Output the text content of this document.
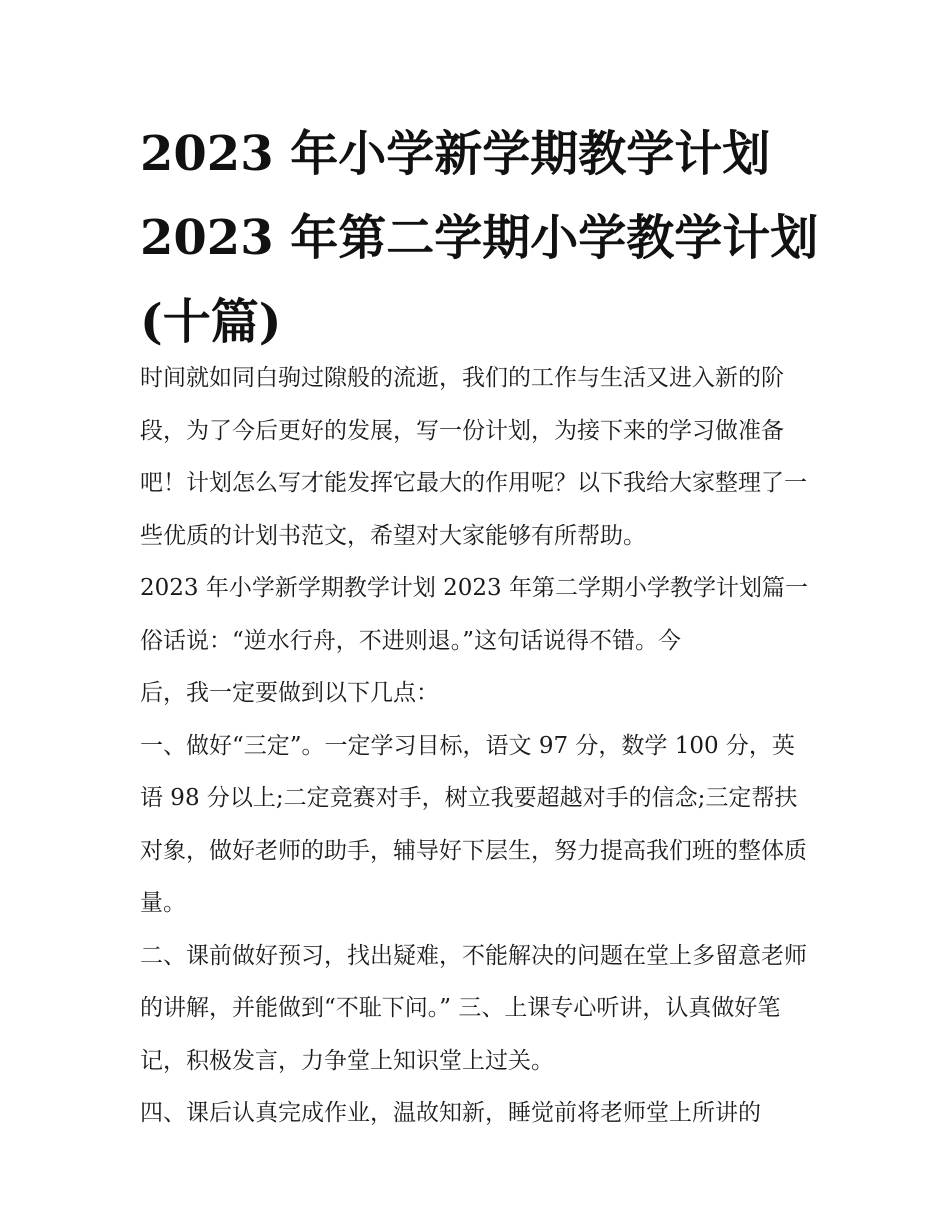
2023 年小学新学期教学计划
2023 年第二学期小学教学计划
(十篇)

时间就如同白驹过隙般的流逝，我们的工作与生活又进入新的阶段，为了今后更好的发展，写一份计划，为接下来的学习做准备吧！计划怎么写才能发挥它最大的作用呢？以下我给大家整理了一些优质的计划书范文，希望对大家能够有所帮助。

2023 年小学新学期教学计划 2023 年第二学期小学教学计划篇一 俗话说：“逆水行舟，不进则退。”这句话说得不错。今

后，我一定要做到以下几点：

一、做好“三定”。一定学习目标，语文 97 分，数学 100 分，英语 98 分以上;二定竞赛对手，树立我要超越对手的信念;三定帮扶对象，做好老师的助手，辅导好下层生，努力提高我们班的整体质量。

二、课前做好预习，找出疑难，不能解决的问题在堂上多留意老师的讲解，并能做到“不耻下问。” 三、上课专心听讲，认真做好笔记，积极发言，力争堂上知识堂上过关。

四、课后认真完成作业，温故知新，睡觉前将老师堂上所讲的
